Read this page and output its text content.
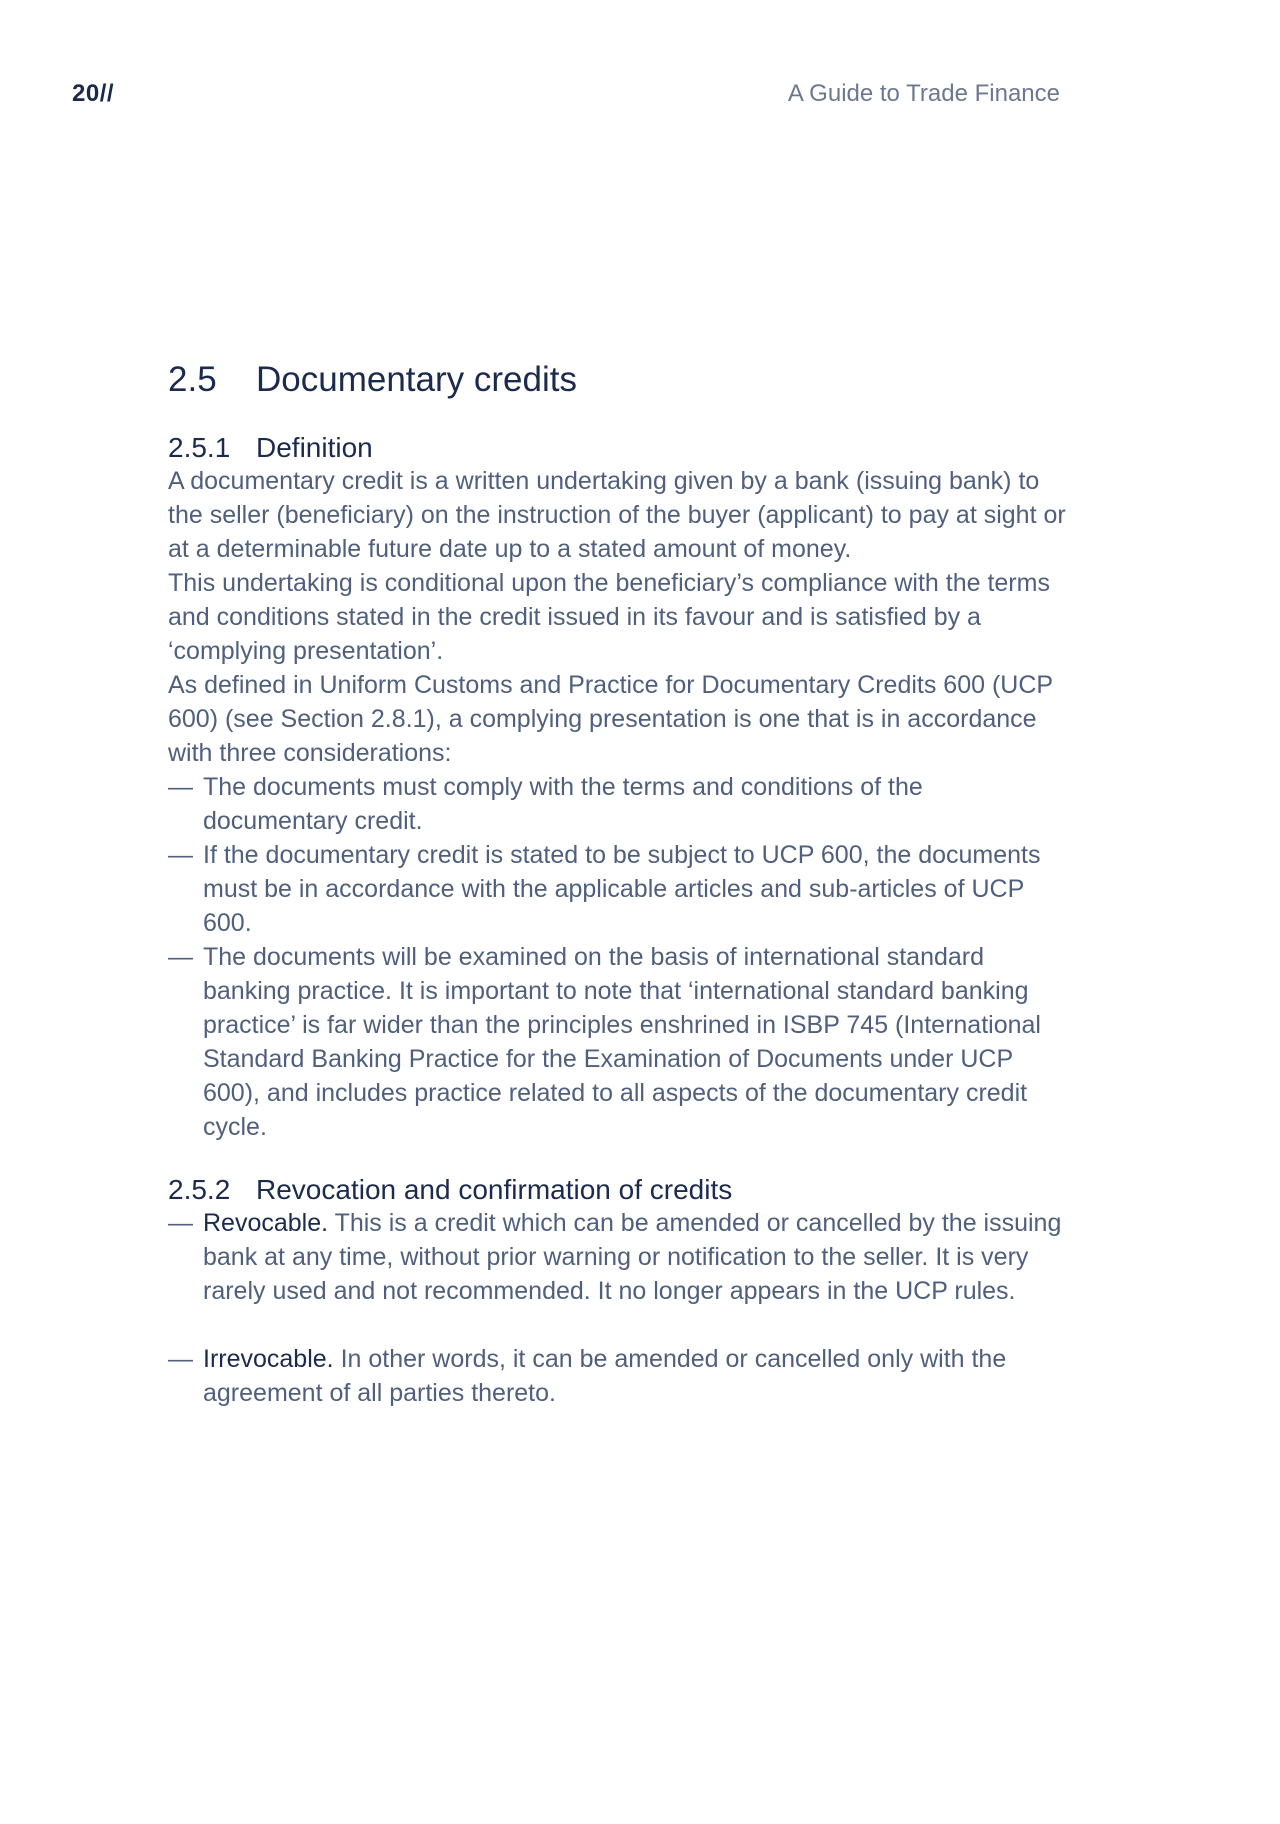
20//	A Guide to Trade Finance
2.5	Documentary credits
2.5.1 Definition

A documentary credit is a written undertaking given by a bank (issuing bank) to the seller (beneficiary) on the instruction of the buyer (applicant) to pay at sight or at a determinable future date up to a stated amount of money.

This undertaking is conditional upon the beneficiary’s compliance with the terms and conditions stated in the credit issued in its favour and is satisfied by a ‘complying presentation’.

As defined in Uniform Customs and Practice for Documentary Credits 600 (UCP 600) (see Section 2.8.1), a complying presentation is one that is in accordance with three considerations:

— The documents must comply with the terms and conditions of the documentary credit.
— If the documentary credit is stated to be subject to UCP 600, the documents must be in accordance with the applicable articles and sub-articles of UCP 600.
— The documents will be examined on the basis of international standard banking practice. It is important to note that ‘international standard banking practice’ is far wider than the principles enshrined in ISBP 745 (International Standard Banking Practice for the Examination of Documents under UCP 600), and includes practice related to all aspects of the documentary credit cycle.
2.5.2 Revocation and confirmation of credits
— Revocable. This is a credit which can be amended or cancelled by the issuing bank at any time, without prior warning or notification to the seller. It is very rarely used and not recommended. It no longer appears in the UCP rules.
— Irrevocable. In other words, it can be amended or cancelled only with the agreement of all parties thereto.
